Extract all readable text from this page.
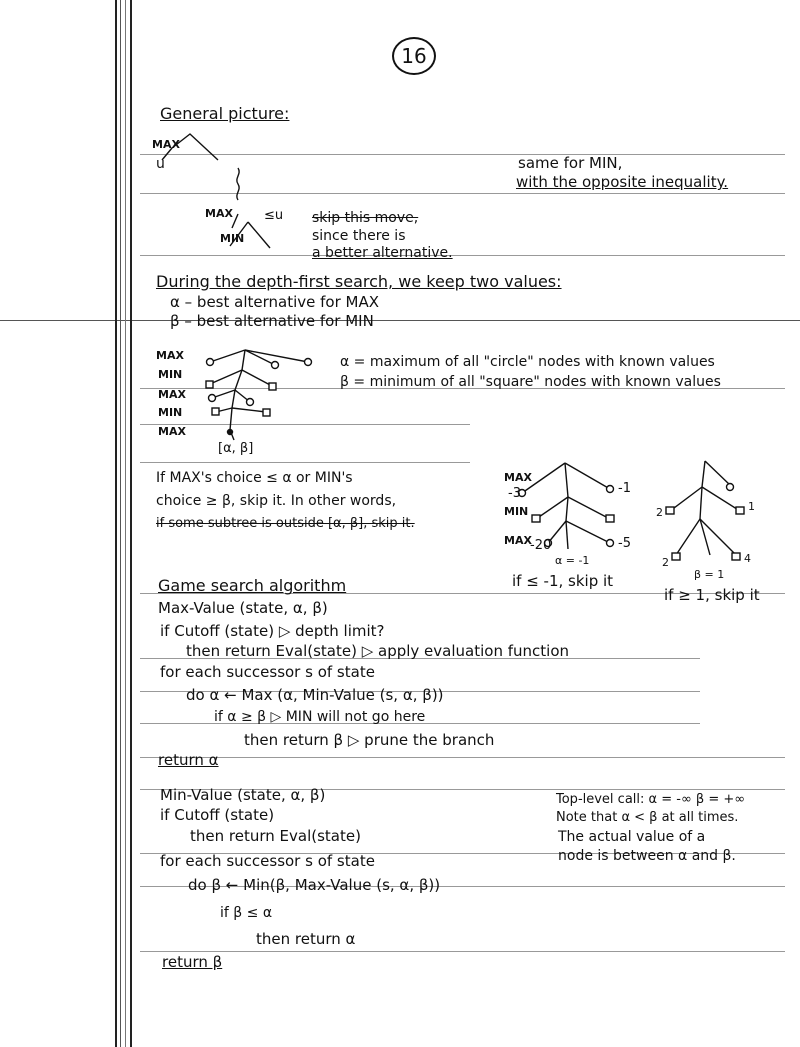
16
General picture:
MAX
u
MAX
MIN
≤u skip this move,
since there is
a better alternative.
same for MIN,
with the opposite inequality.
During the depth-first search, we keep two values:
α – best alternative for MAX
β – best alternative for MIN
MAX
MIN
MAX
MIN
MAX
[α, β]
α = maximum of all "circle" nodes with known values
β = minimum of all "square" nodes with known values
If MAX's choice ≤ α or MIN's
choice ≥ β, skip it. In other words,
if some subtree is outside [α, β], skip it.
MAX
MIN
MAX
-3	-1
-20	-5
α = -1
if ≤ -1, skip it
2	1
2
β = 1
4
if ≥ 1, skip it
Game search algorithm
Max-Value (state, α, β)
if Cutoff (state) ▷ depth limit?
then return Eval(state) ▷ apply evaluation function
for each successor s of state
do α ← Max (α, Min-Value (s, α, β))
if α ≥ β ▷ MIN will not go here
then return β ▷ prune the branch
return α
Min-Value (state, α, β)
if Cutoff (state)
then return Eval(state)
for each successor s of state
do β ← Min(β, Max-Value (s, α, β))
if β ≤ α
then return α
return β
Top-level call: α = -∞ β = +∞
Note that α < β at all times.
The actual value of a
node is between α and β.
